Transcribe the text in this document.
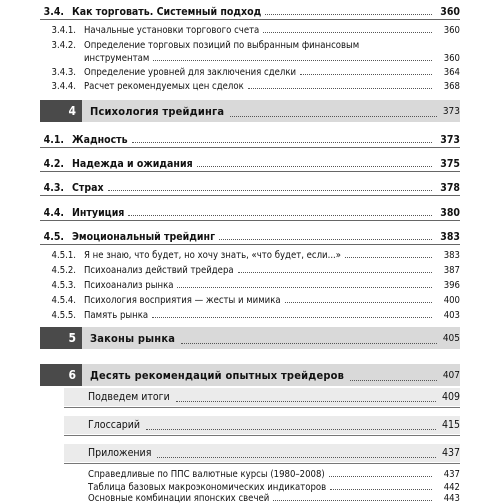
3.4. Как торговать. Системный подход	360
3.4.1. Начальные установки торгового счета	360
3.4.2. Определение торговых позиций по выбранным финансовым
инструментам	360
3.4.3. Определение уровней для заключения сделки	364
3.4.4. Расчет рекомендуемых цен сделок	368
4	Психология трейдинга	373
4.1. Жадность	373
4.2. Надежда и ожидания	375
4.3. Страх	378
4.4. Интуиция	380
4.5. Эмоциональный трейдинг	383
4.5.1. Я не знаю, что будет, но хочу знать, «что будет, если...»	383
4.5.2. Психоанализ действий трейдера	387
4.5.3. Психоанализ рынка	396
4.5.4. Психология восприятия — жесты и мимика	400
4.5.5. Память рынка	403
5	Законы рынка	405
6	Десять рекомендаций опытных трейдеров	407
Подведем итоги	409
Глоссарий	415
Приложения	437
Справедливые по ППС валютные курсы (1980–2008)	437
Таблица базовых макроэкономических индикаторов	442
Основные комбинации японских свечей	443
